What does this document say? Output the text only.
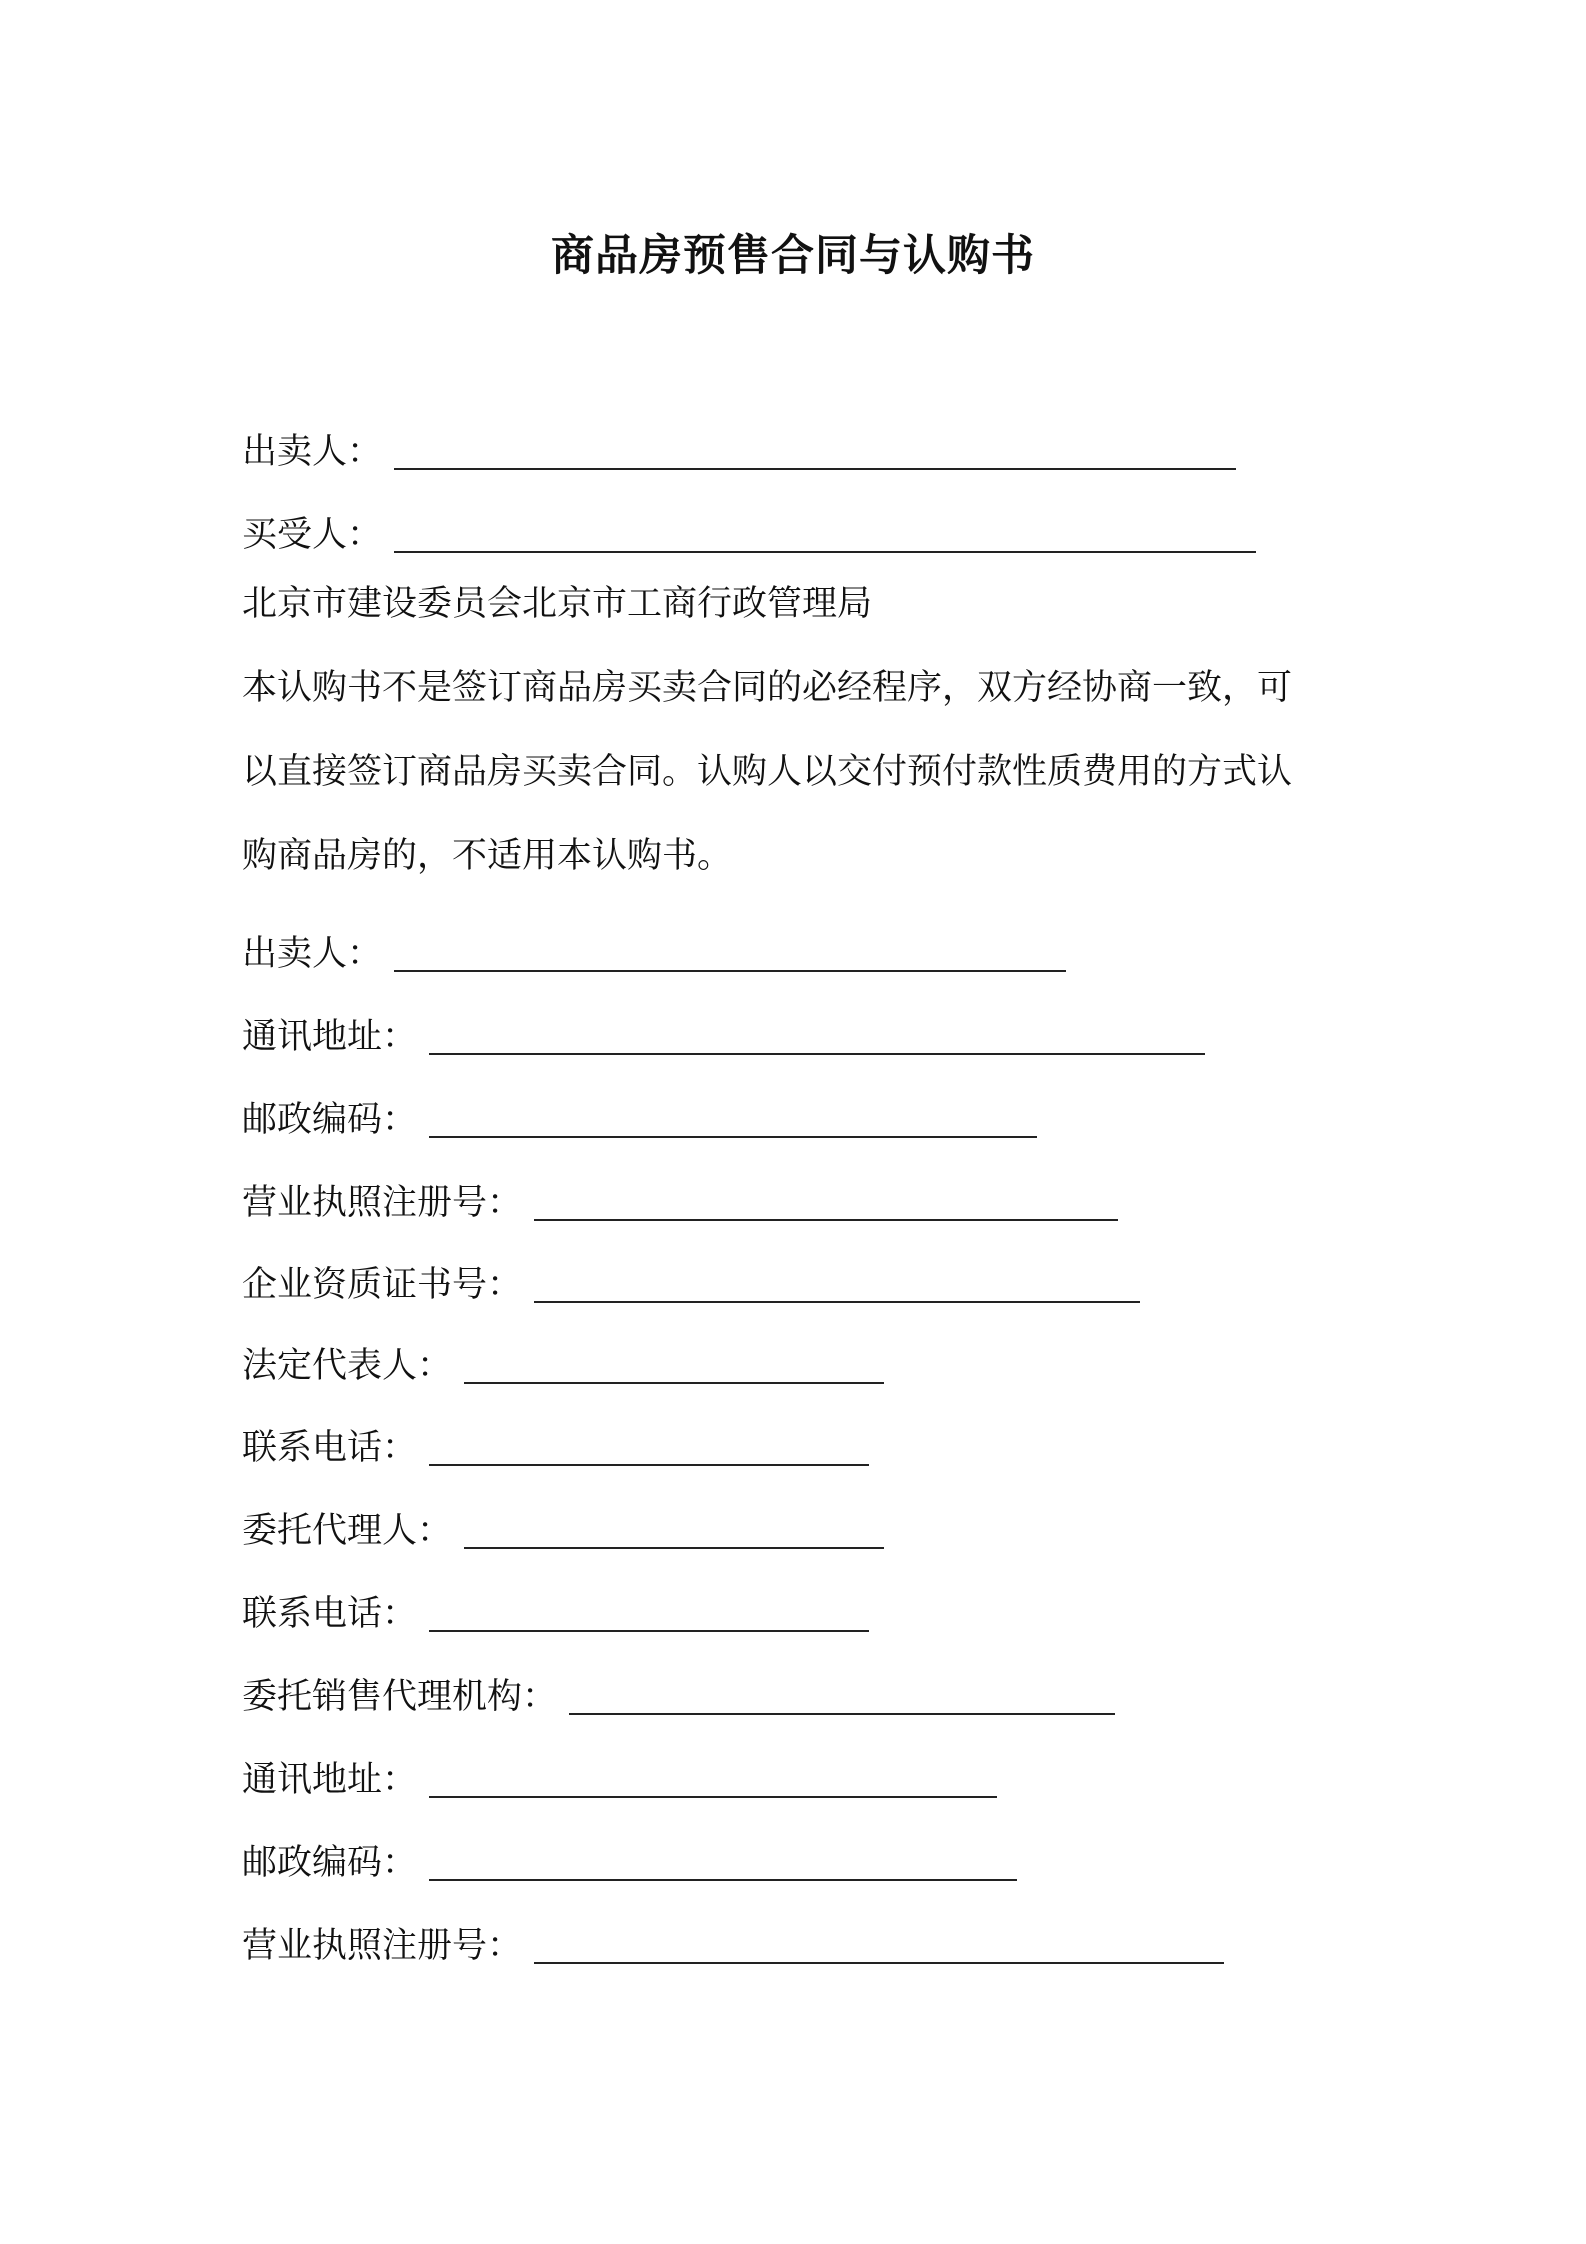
商品房预售合同与认购书
出卖人：
买受人：
北京市建设委员会北京市工商行政管理局
本认购书不是签订商品房买卖合同的必经程序，双方经协商一致，可
以直接签订商品房买卖合同。认购人以交付预付款性质费用的方式认
购商品房的，不适用本认购书。
出卖人：
通讯地址：
邮政编码：
营业执照注册号：
企业资质证书号：
法定代表人：
联系电话：
委托代理人：
联系电话：
委托销售代理机构：
通讯地址：
邮政编码：
营业执照注册号：
